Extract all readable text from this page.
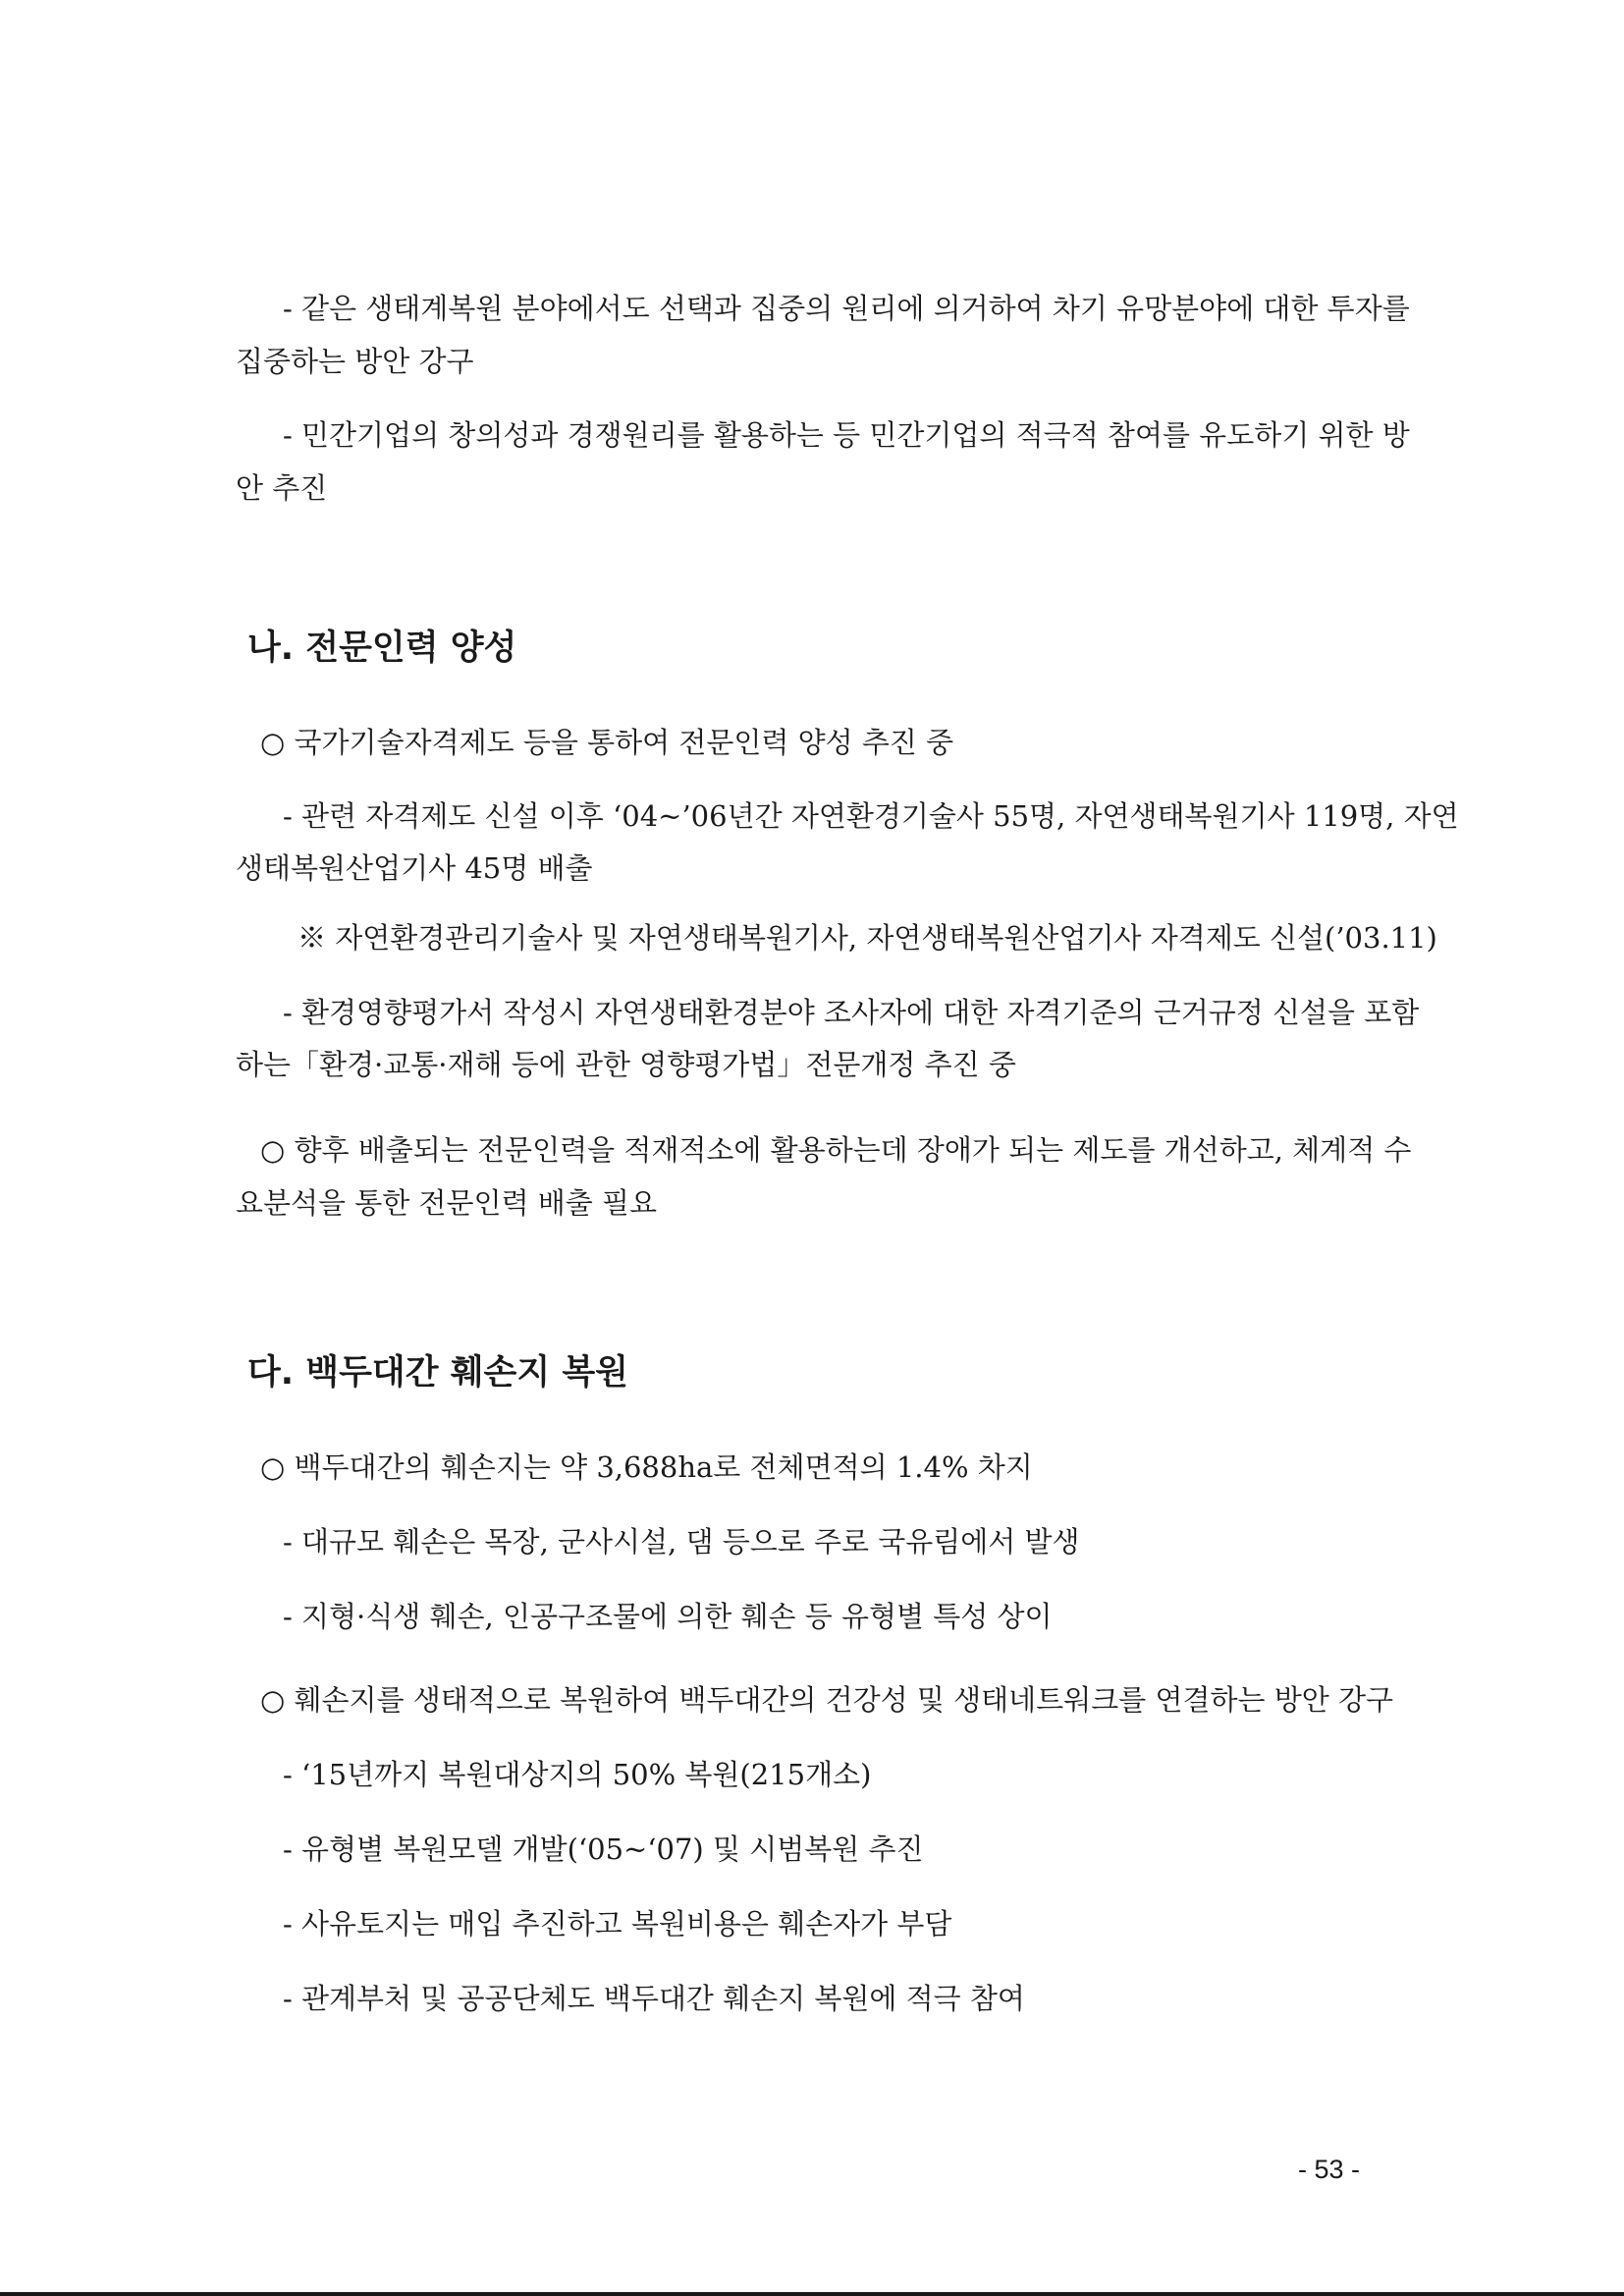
- 같은 생태계복원 분야에서도 선택과 집중의 원리에 의거하여 차기 유망분야에 대한 투자를

집중하는 방안 강구

- 민간기업의 창의성과 경쟁원리를 활용하는 등 민간기업의 적극적 참여를 유도하기 위한 방

안 추진

나. 전문인력 양성

○ 국가기술자격제도 등을 통하여 전문인력 양성 추진 중

- 관련 자격제도 신설 이후 ‘04~’06년간 자연환경기술사 55명, 자연생태복원기사 119명, 자연

생태복원산업기사 45명 배출

※ 자연환경관리기술사 및 자연생태복원기사, 자연생태복원산업기사 자격제도 신설(’03.11)

- 환경영향평가서 작성시 자연생태환경분야 조사자에 대한 자격기준의 근거규정 신설을 포함

하는「환경·교통·재해 등에 관한 영향평가법」전문개정 추진 중

○ 향후 배출되는 전문인력을 적재적소에 활용하는데 장애가 되는 제도를 개선하고, 체계적 수

요분석을 통한 전문인력 배출 필요

다. 백두대간 훼손지 복원

○ 백두대간의 훼손지는 약 3,688ha로 전체면적의 1.4% 차지

- 대규모 훼손은 목장, 군사시설, 댐 등으로 주로 국유림에서 발생

- 지형·식생 훼손, 인공구조물에 의한 훼손 등 유형별 특성 상이

○ 훼손지를 생태적으로 복원하여 백두대간의 건강성 및 생태네트워크를 연결하는 방안 강구

- ‘15년까지 복원대상지의 50% 복원(215개소)

- 유형별 복원모델 개발(‘05~‘07) 및 시범복원 추진

- 사유토지는 매입 추진하고 복원비용은 훼손자가 부담

- 관계부처 및 공공단체도 백두대간 훼손지 복원에 적극 참여

- 53 -
